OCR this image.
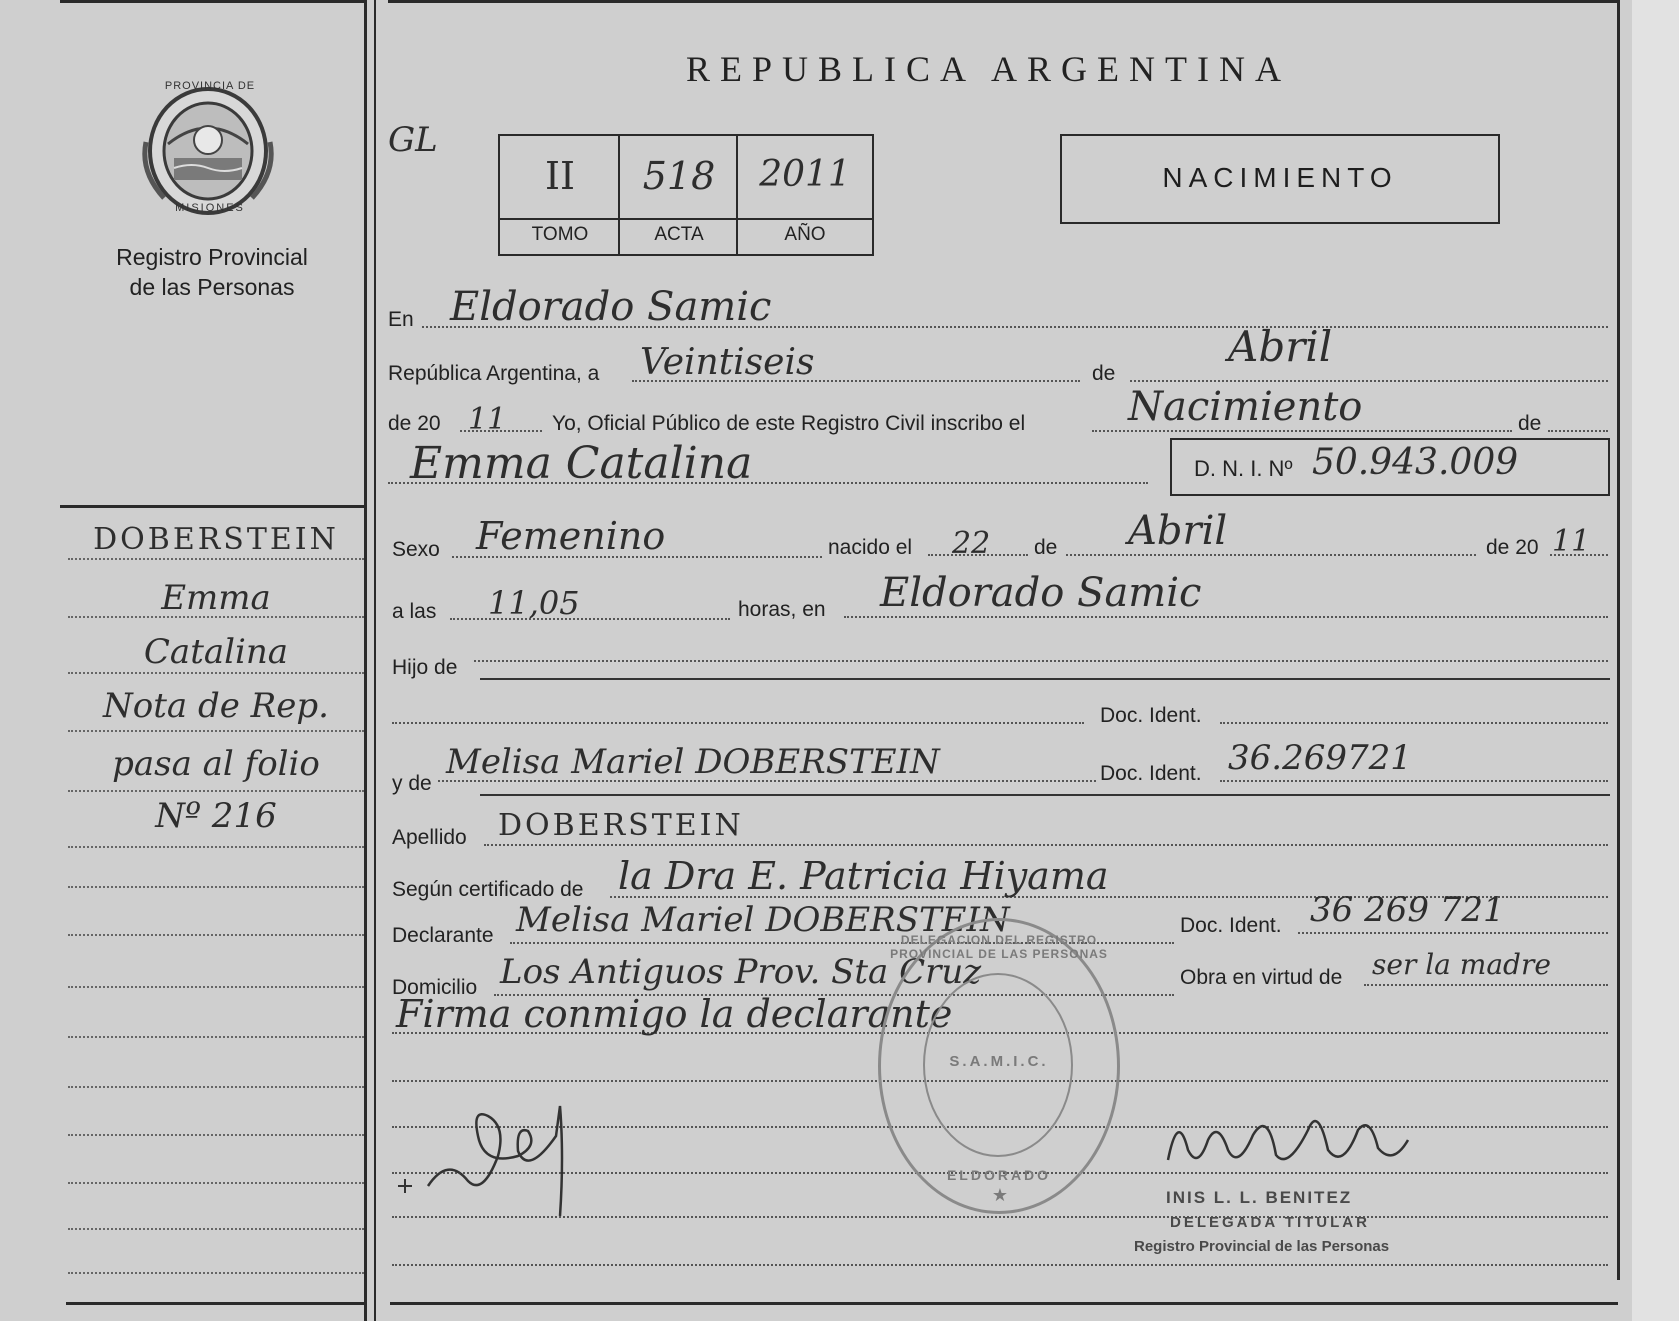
REPUBLICA ARGENTINA
PROVINCIA DE
MISIONES
Registro Provincial
de las Personas
GL
II	518	2011
TOMO	ACTA	AÑO
NACIMIENTO
DOBERSTEIN
Emma
Catalina
Nota de Rep.
pasa al folio
Nº 216
En Eldorado Samic
República Argentina, a Veintiseis	de
Abril
de 20 11 Yo, Oficial Público de este Registro Civil inscribo el	Nacimiento	de
Emma Catalina	D. N. I. Nº 50.943.009
Sexo Femenino	nacido el 22 de Abril	de 20 11
a las 11,05	horas, en Eldorado Samic
Hijo de
Doc. Ident.
y de
Melisa Mariel DOBERSTEIN	Doc. Ident. 36.269721
Apellido DOBERSTEIN
Según certificado de la Dra E. Patricia Hiyama
Declarante Melisa Mariel DOBERSTEIN	Doc. Ident. 36 269 721
Domicilio Los Antiguos Prov. Sta Cruz	Obra en virtud de ser la madre
Firma conmigo la declarante
DELEGACION DEL REGISTRO PROVINCIAL DE LAS PERSONAS
S.A.M.I.C.
ELDORADO
★	INIS L. L. BENITEZ
DELEGADA TITULAR
Registro Provincial de las Personas
